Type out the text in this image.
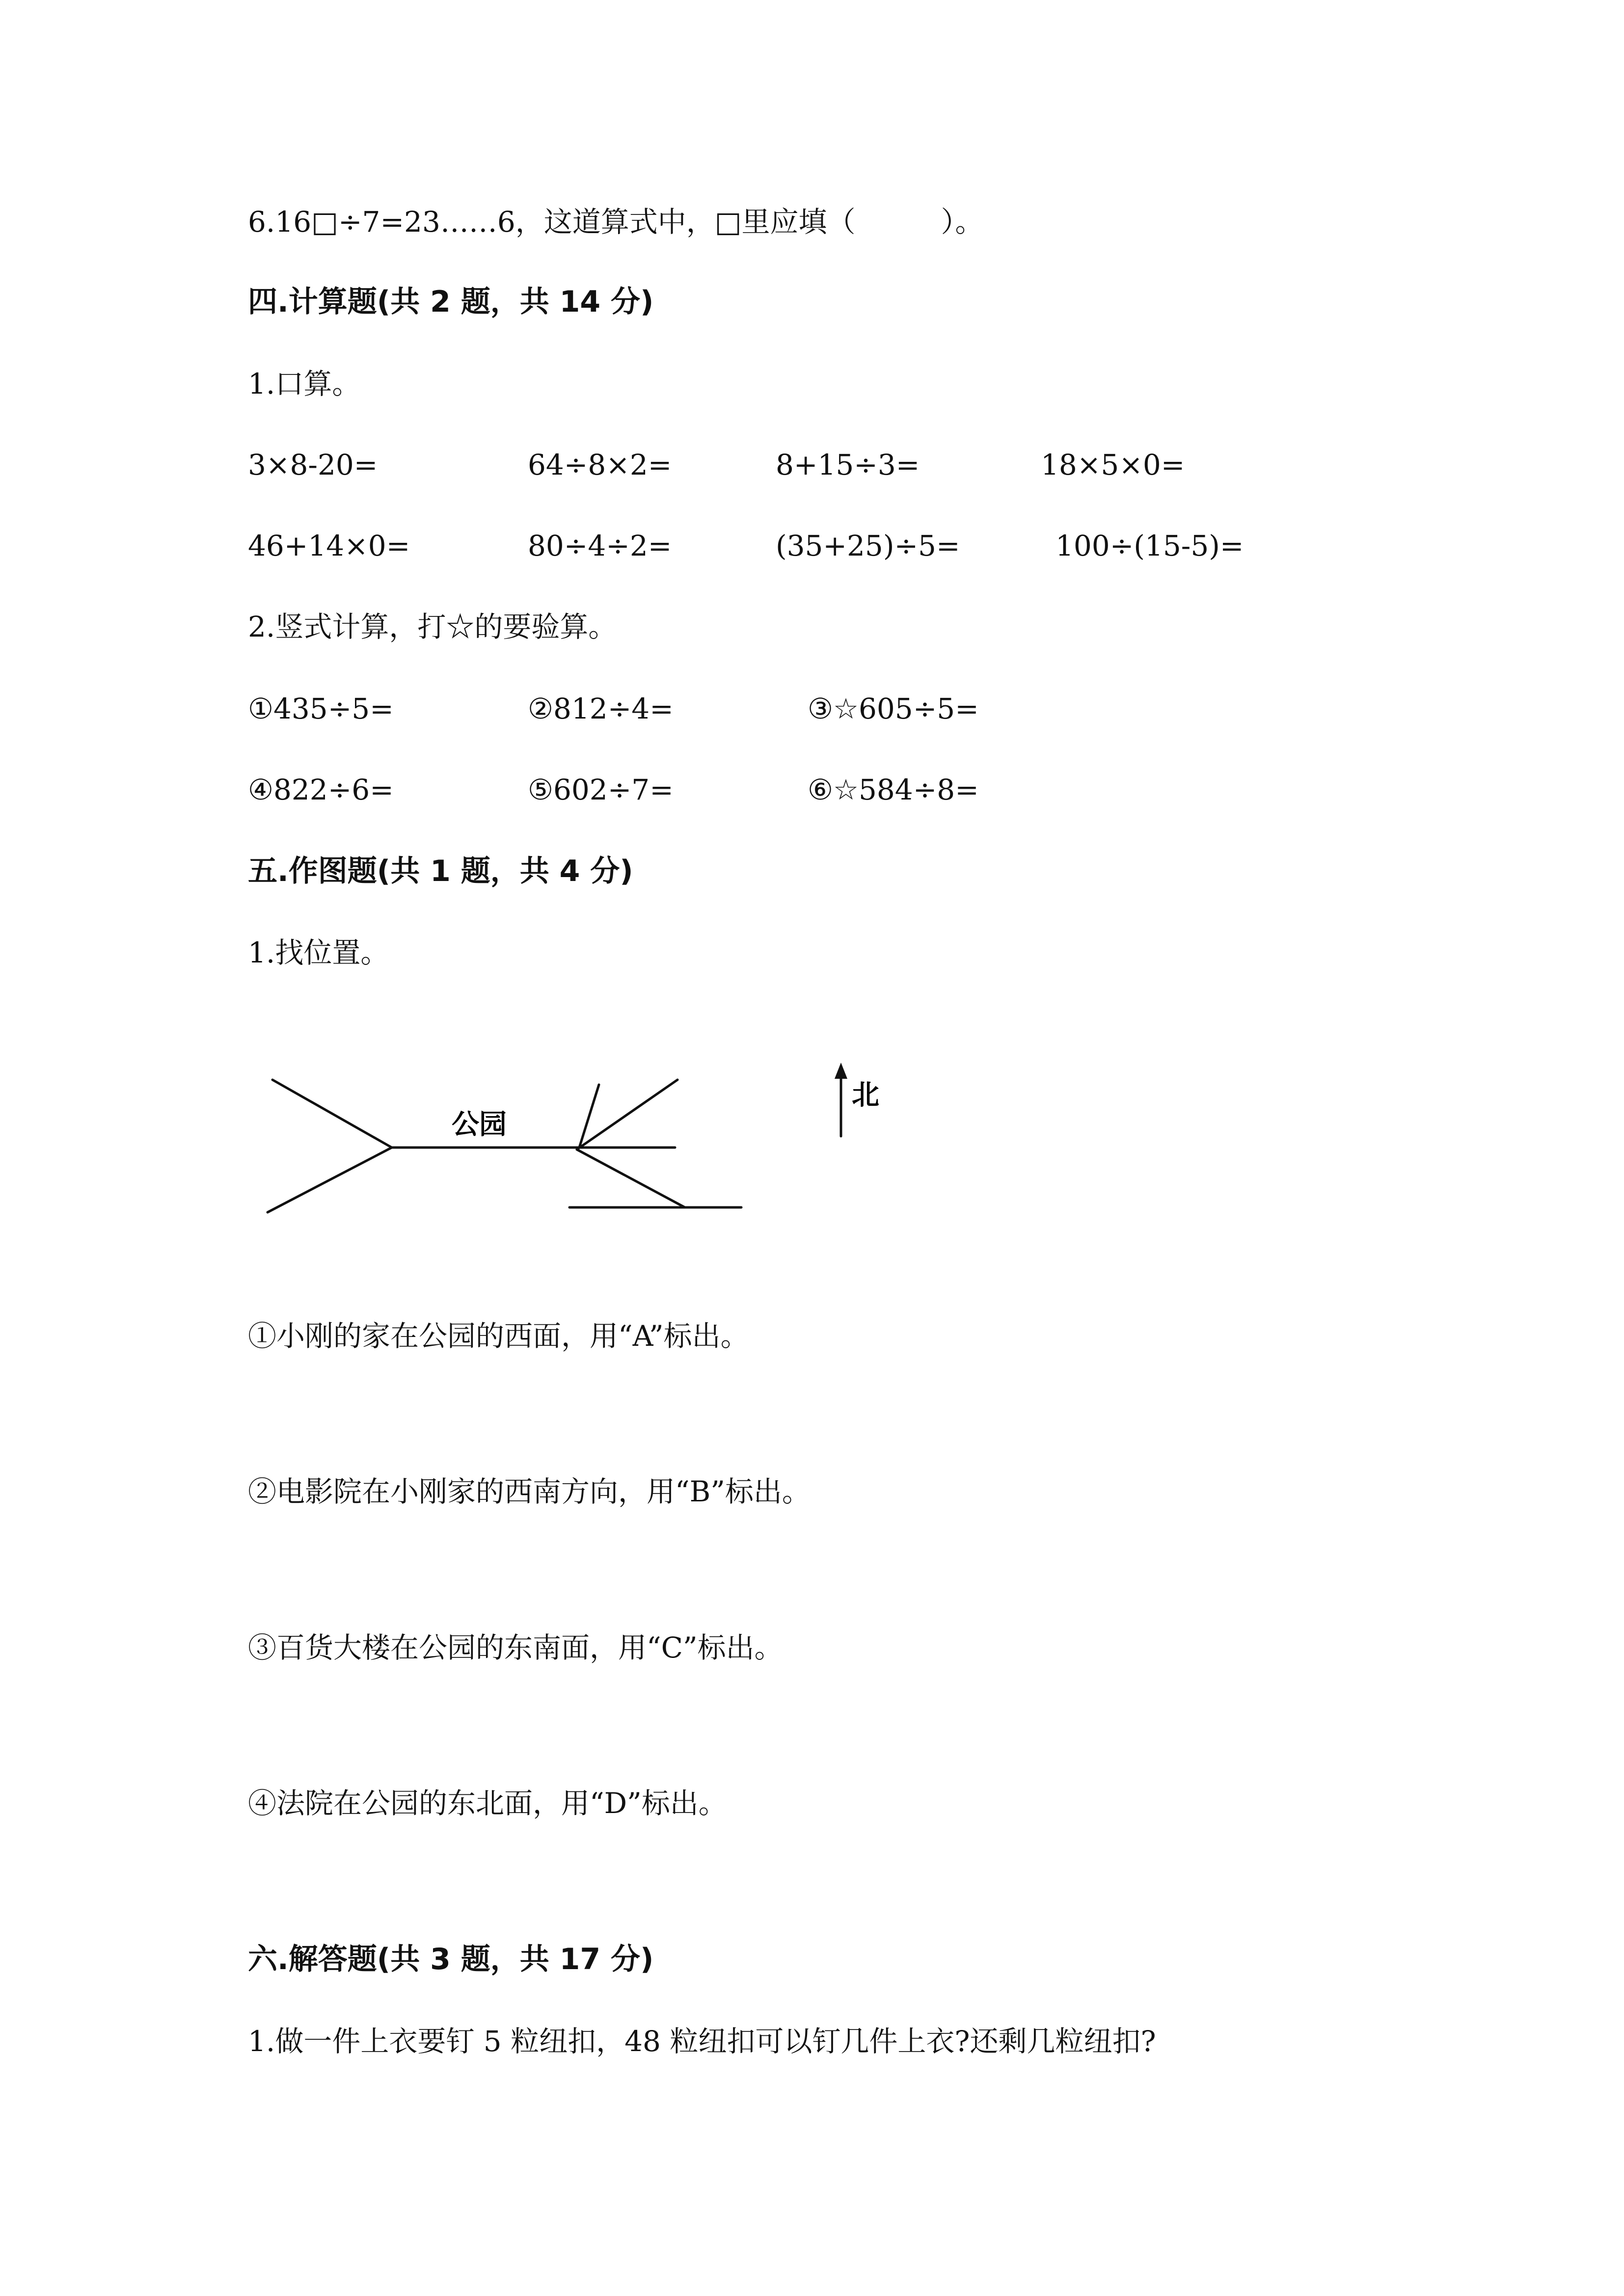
6.16□÷7=23……6，这道算式中，□里应填（　　　）。
四.计算题(共 2 题，共 14 分)
1.口算。
3×8-20=	64÷8×2=	8+15÷3=	18×5×0=
46+14×0=	80÷4÷2=	(35+25)÷5=	100÷(15-5)=
2.竖式计算，打☆的要验算。
①435÷5=	②812÷4=	③☆605÷5=
④822÷6=	⑤602÷7=	⑥☆584÷8=
五.作图题(共 1 题，共 4 分)
1.找位置。
公园
北
①小刚的家在公园的西面，用“A”标出。
②电影院在小刚家的西南方向，用“B”标出。
③百货大楼在公园的东南面，用“C”标出。
④法院在公园的东北面，用“D”标出。
六.解答题(共 3 题，共 17 分)
1.做一件上衣要钉 5 粒纽扣，48 粒纽扣可以钉几件上衣?还剩几粒纽扣?
